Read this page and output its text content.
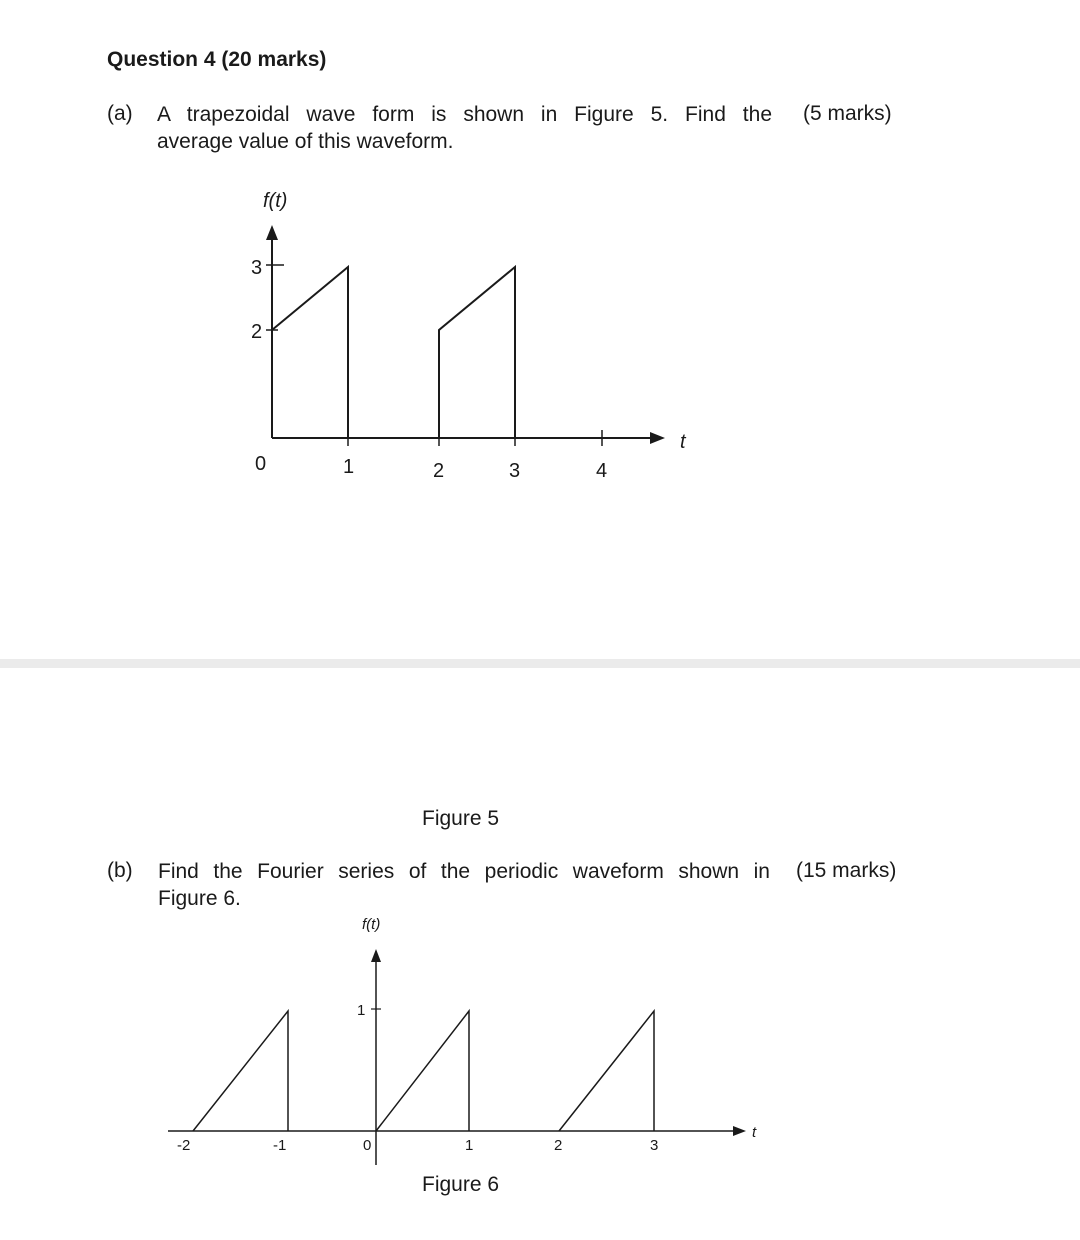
Question 4 (20 marks)
(a) A trapezoidal wave form is shown in Figure 5. Find the
average value of this waveform.
(5 marks)
f(t)
3
2
0	1	2	3	4
t
Figure 5
(b) Find the Fourier series of the periodic waveform shown in
Figure 6.
(15 marks)
f(t)
1
-2	-1	0	1	2	3
t
Figure 6
